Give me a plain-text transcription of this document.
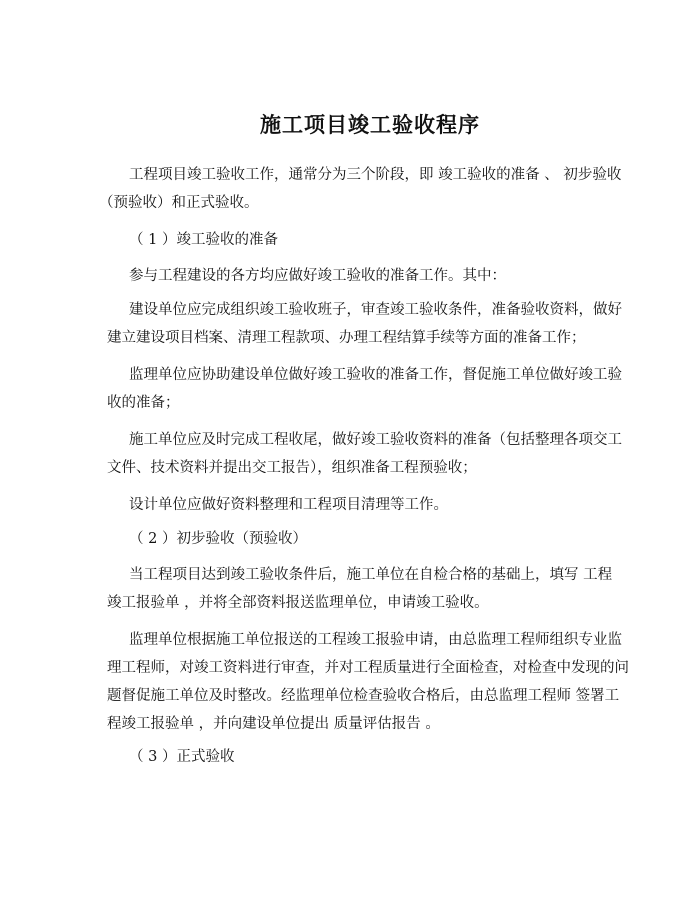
施工项目竣工验收程序

工程项目竣工验收工作，通常分为三个阶段，即 竣工验收的准备 、 初步验收
（预验收）和正式验收。

（ 1 ）竣工验收的准备

参与工程建设的各方均应做好竣工验收的准备工作。其中：

建设单位应完成组织竣工验收班子，审查竣工验收条件，准备验收资料，做好
建立建设项目档案、清理工程款项、办理工程结算手续等方面的准备工作；

监理单位应协助建设单位做好竣工验收的准备工作，督促施工单位做好竣工验
收的准备；

施工单位应及时完成工程收尾，做好竣工验收资料的准备（包括整理各项交工
文件、技术资料并提出交工报告），组织准备工程预验收；

设计单位应做好资料整理和工程项目清理等工作。

（ 2 ）初步验收（预验收）

当工程项目达到竣工验收条件后，施工单位在自检合格的基础上，填写 工程
竣工报验单 ，并将全部资料报送监理单位，申请竣工验收。

监理单位根据施工单位报送的工程竣工报验申请，由总监理工程师组织专业监
理工程师，对竣工资料进行审查，并对工程质量进行全面检查，对检查中发现的问
题督促施工单位及时整改。经监理单位检查验收合格后，由总监理工程师 签署工
程竣工报验单 ，并向建设单位提出 质量评估报告 。

（ 3 ）正式验收
